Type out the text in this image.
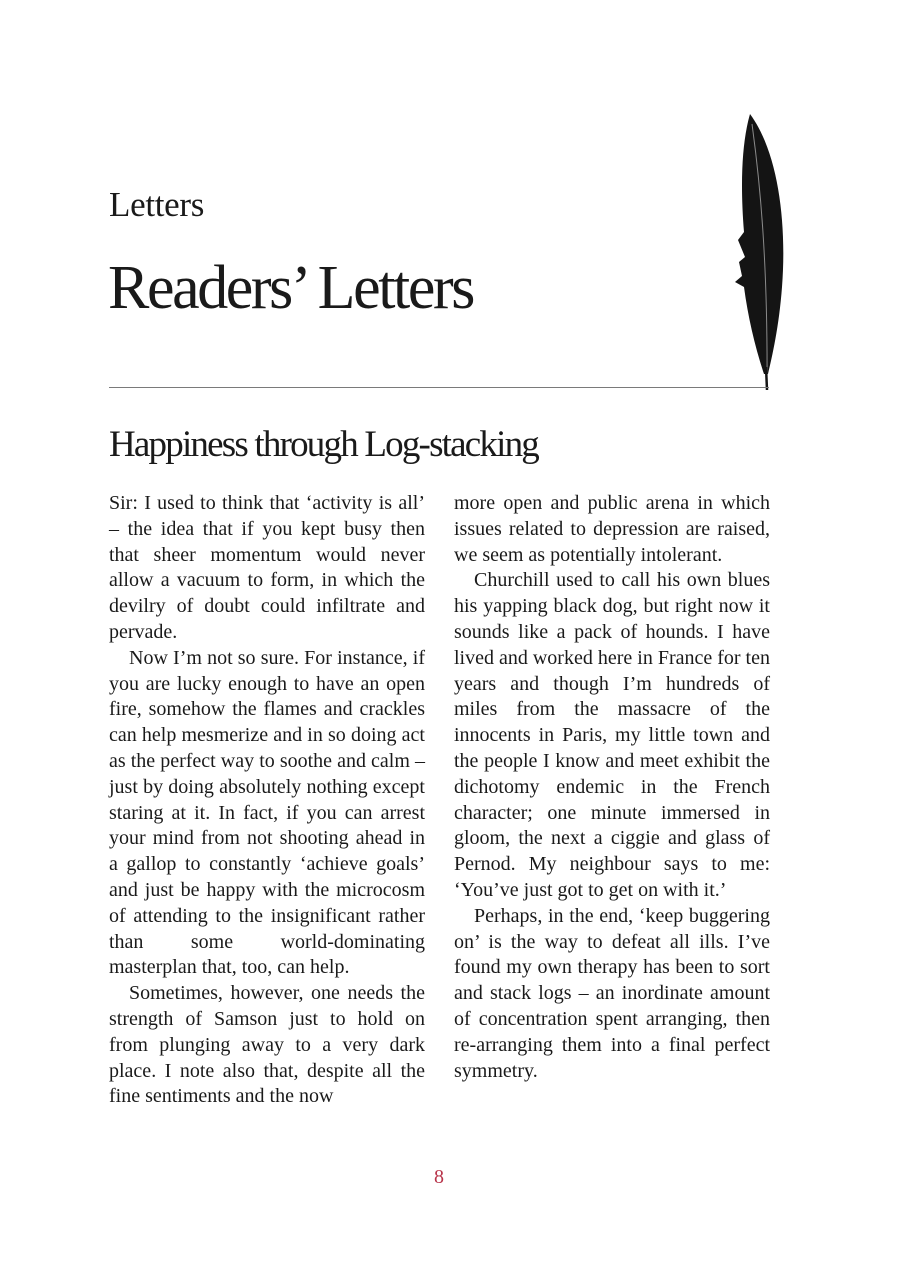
Letters
Readers’ Letters
Happiness through Log-stacking

Sir: I used to think that ‘activity is all’ – the idea that if you kept busy then that sheer momentum would never allow a vacuum to form, in which the devilry of doubt could infiltrate and pervade.

Now I’m not so sure. For instance, if you are lucky enough to have an open fire, somehow the flames and crackles can help mesmerize and in so doing act as the perfect way to soothe and calm – just by doing absolutely nothing except staring at it. In fact, if you can arrest your mind from not shooting ahead in a gallop to constantly ‘achieve goals’ and just be happy with the microcosm of attending to the insignificant rather than some world-dominating masterplan that, too, can help.

Sometimes, however, one needs the strength of Samson just to hold on from plunging away to a very dark place. I note also that, despite all the fine sentiments and the now

more open and public arena in which issues related to depression are raised, we seem as potentially intolerant.

Churchill used to call his own blues his yapping black dog, but right now it sounds like a pack of hounds. I have lived and worked here in France for ten years and though I’m hundreds of miles from the massacre of the innocents in Paris, my little town and the people I know and meet exhibit the dichotomy endemic in the French character; one minute immersed in gloom, the next a ciggie and glass of Pernod. My neighbour says to me: ‘You’ve just got to get on with it.’

Perhaps, in the end, ‘keep buggering on’ is the way to defeat all ills. I’ve found my own therapy has been to sort and stack logs – an inordinate amount of concentration spent arranging, then re-arranging them into a final perfect symmetry.

8
